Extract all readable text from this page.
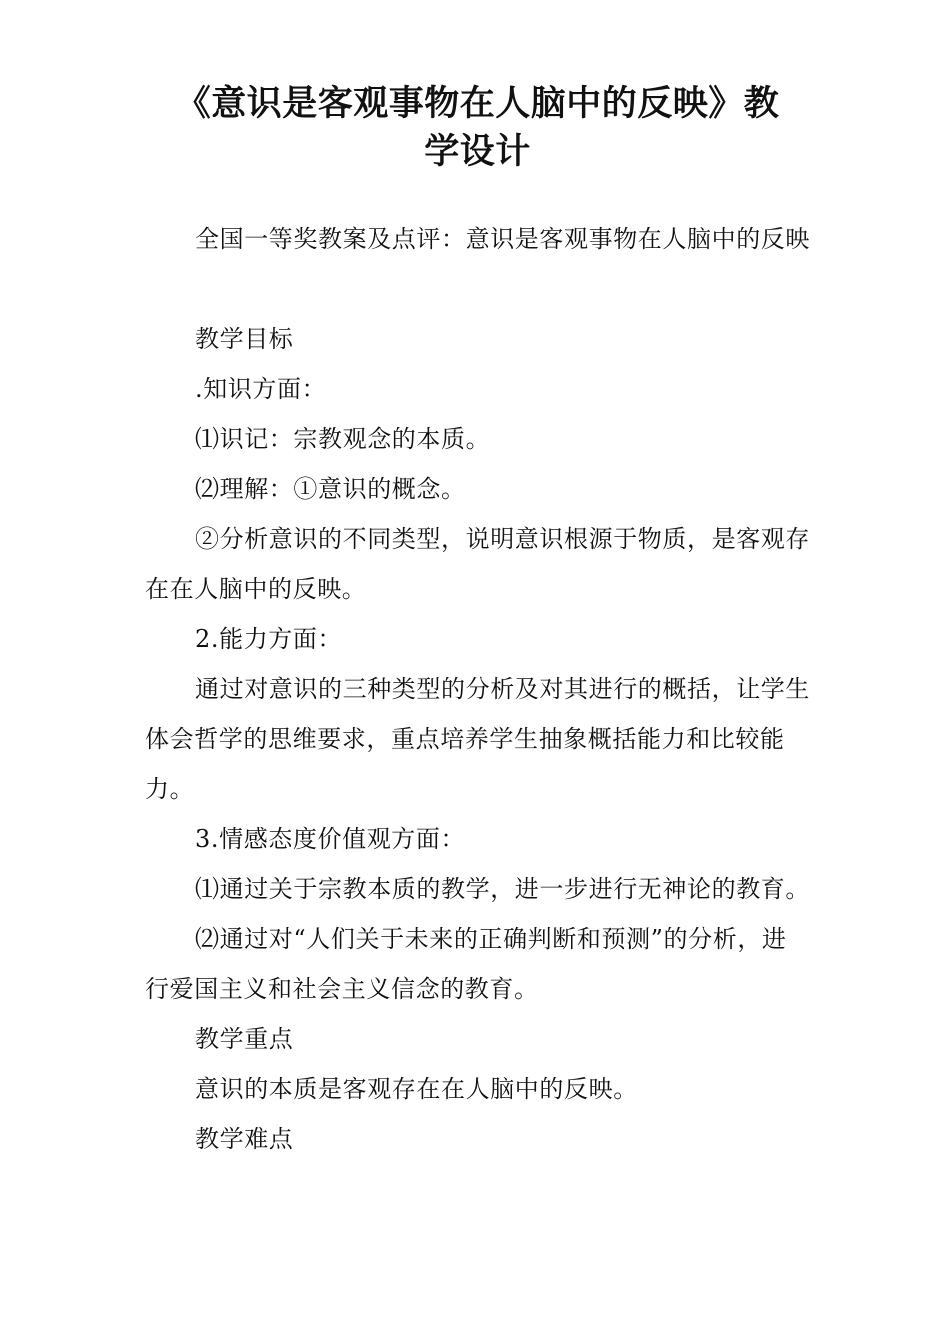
《意识是客观事物在人脑中的反映》教
学设计

全国一等奖教案及点评：意识是客观事物在人脑中的反映

教学目标

.知识方面：

⑴识记：宗教观念的本质。

⑵理解：①意识的概念。

②分析意识的不同类型，说明意识根源于物质，是客观存在在人脑中的反映。

2.能力方面：

通过对意识的三种类型的分析及对其进行的概括，让学生体会哲学的思维要求，重点培养学生抽象概括能力和比较能力。

3.情感态度价值观方面：

⑴通过关于宗教本质的教学，进一步进行无神论的教育。

⑵通过对“人们关于未来的正确判断和预测”的分析，进行爱国主义和社会主义信念的教育。

教学重点

意识的本质是客观存在在人脑中的反映。

教学难点
